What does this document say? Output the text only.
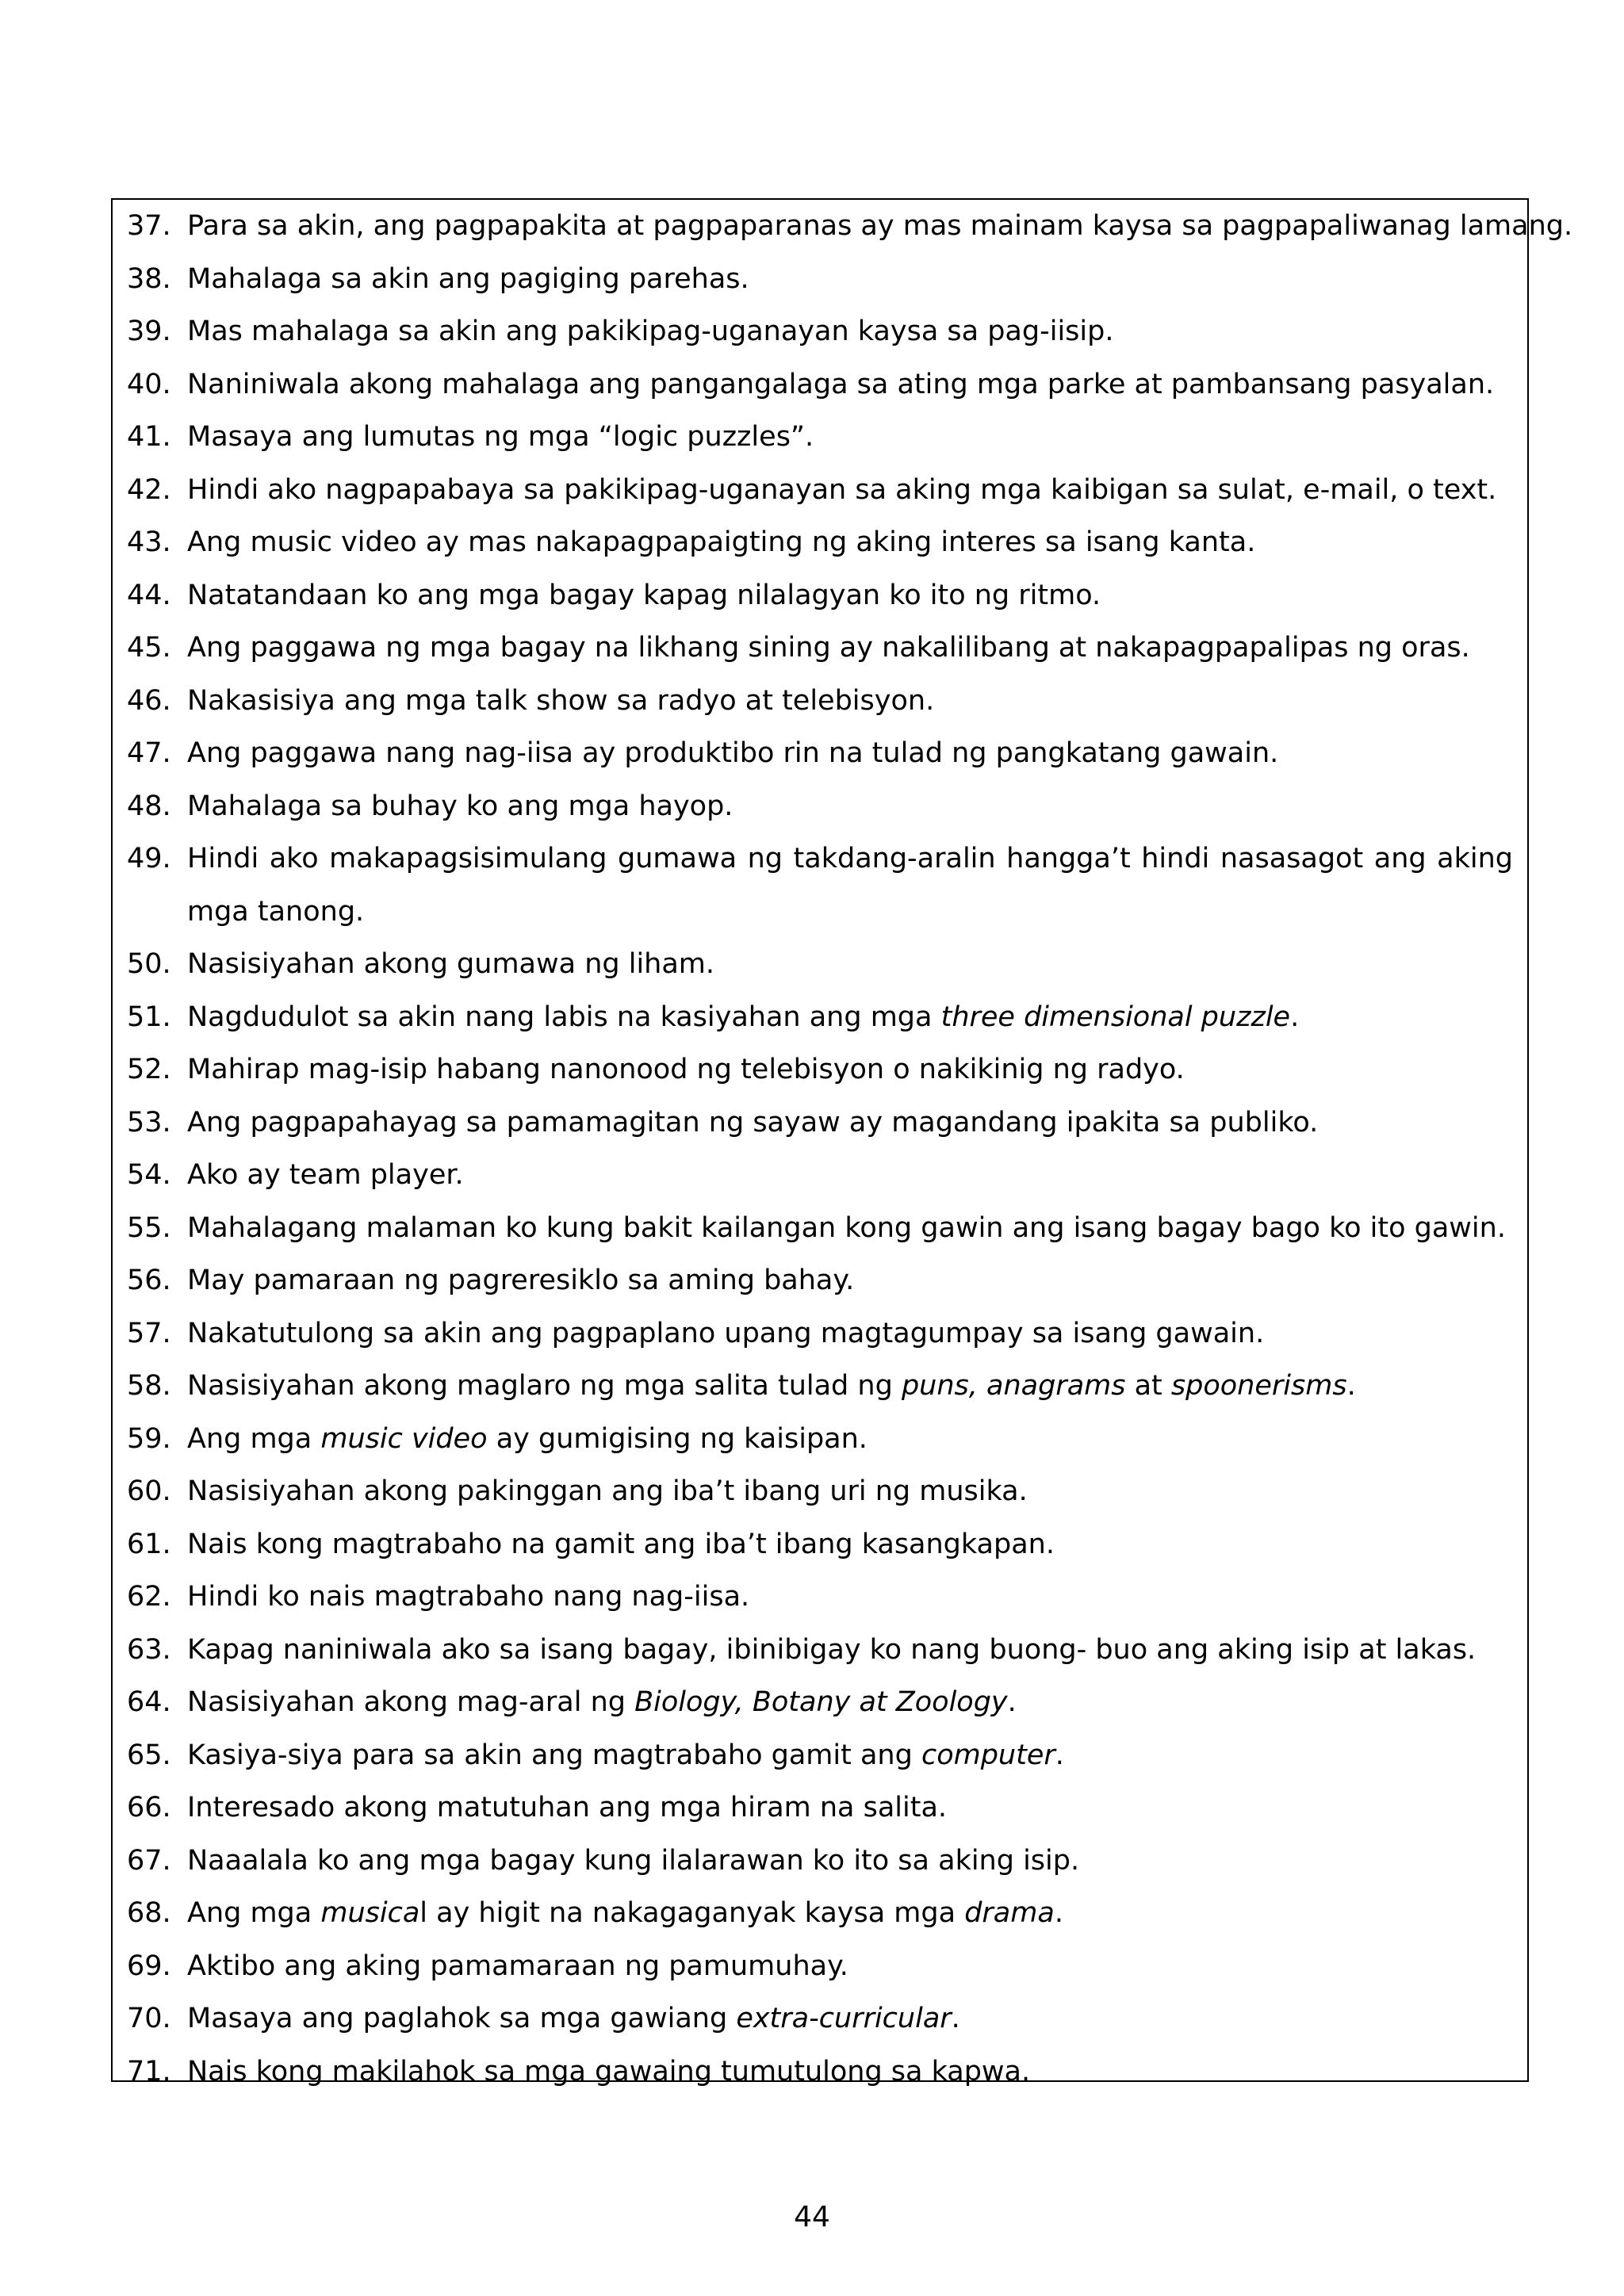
37. Para sa akin, ang pagpapakita at pagpaparanas ay mas mainam kaysa sa pagpapaliwanag lamang.
38. Mahalaga sa akin ang pagiging parehas.
39. Mas mahalaga sa akin ang pakikipag-uganayan kaysa sa pag-iisip.
40. Naniniwala akong mahalaga ang pangangalaga sa ating mga parke at pambansang pasyalan.
41. Masaya ang lumutas ng mga “logic puzzles”.
42. Hindi ako nagpapabaya sa pakikipag-uganayan sa aking mga kaibigan sa sulat, e-mail, o text.
43. Ang music video ay mas nakapagpapaigting ng aking interes sa isang kanta.
44. Natatandaan ko ang mga bagay kapag nilalagyan ko ito ng ritmo.
45. Ang paggawa ng mga bagay na likhang sining ay nakalilibang at nakapagpapalipas ng oras.
46. Nakasisiya ang mga talk show sa radyo at telebisyon.
47. Ang paggawa nang nag-iisa ay produktibo rin na tulad ng pangkatang gawain.
48. Mahalaga sa buhay ko ang mga hayop.
49. Hindi ako makapagsisimulang gumawa ng takdang-aralin hangga’t hindi nasasagot ang aking mga tanong.
50. Nasisiyahan akong gumawa ng liham.
51. Nagdudulot sa akin nang labis na kasiyahan ang mga three dimensional puzzle.
52. Mahirap mag-isip habang nanonood ng telebisyon o nakikinig ng radyo.
53. Ang pagpapahayag sa pamamagitan ng sayaw ay magandang ipakita sa publiko.
54. Ako ay team player.
55. Mahalagang malaman ko kung bakit kailangan kong gawin ang isang bagay bago ko ito gawin.
56. May pamaraan ng pagreresiklo sa aming bahay.
57. Nakatutulong sa akin ang pagpaplano upang magtagumpay sa isang gawain.
58. Nasisiyahan akong maglaro ng mga salita tulad ng puns, anagrams at spoonerisms.
59. Ang mga music video ay gumigising ng kaisipan.
60. Nasisiyahan akong pakinggan ang iba’t ibang uri ng musika.
61. Nais kong magtrabaho na gamit ang iba’t ibang kasangkapan.
62. Hindi ko nais magtrabaho nang nag-iisa.
63. Kapag naniniwala ako sa isang bagay, ibinibigay ko nang buong- buo ang aking isip at lakas.
64. Nasisiyahan akong mag-aral ng Biology, Botany at Zoology.
65. Kasiya-siya para sa akin ang magtrabaho gamit ang computer.
66. Interesado akong matutuhan ang mga hiram na salita.
67. Naaalala ko ang mga bagay kung ilalarawan ko ito sa aking isip.
68. Ang mga musical ay higit na nakagaganyak kaysa mga drama.
69. Aktibo ang aking pamamaraan ng pamumuhay.
70. Masaya ang paglahok sa mga gawiang extra-curricular.
71. Nais kong makilahok sa mga gawaing tumutulong sa kapwa.
44
